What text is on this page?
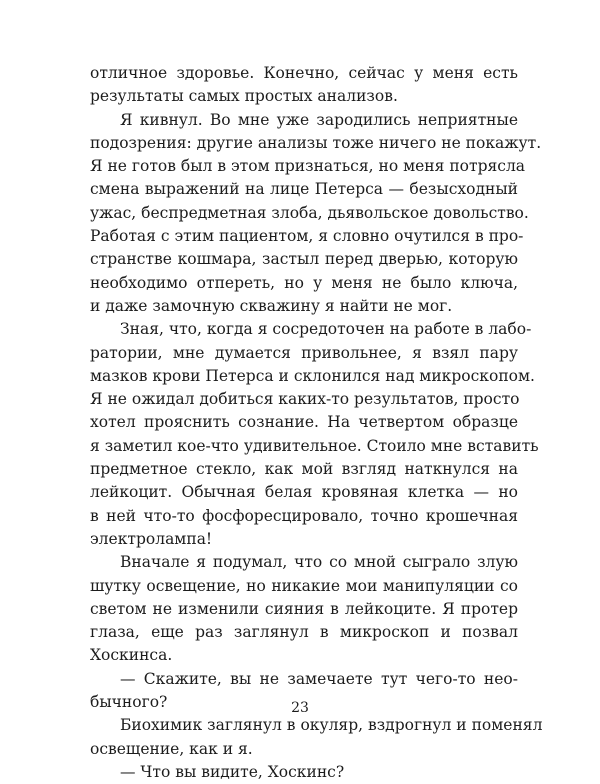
отличное здоровье. Конечно, сейчас у меня есть
результаты самых простых анализов.

Я кивнул. Во мне уже зародились неприятные
подозрения: другие анализы тоже ничего не покажут.
Я не готов был в этом признаться, но меня потрясла
смена выражений на лице Петерса — безысходный
ужас, беспредметная злоба, дьявольское довольство.
Работая с этим пациентом, я словно очутился в про-
странстве кошмара, застыл перед дверью, которую
необходимо отпереть, но у меня не было ключа,
и даже замочную скважину я найти не мог.

Зная, что, когда я сосредоточен на работе в лабо-
ратории, мне думается привольнее, я взял пару
мазков крови Петерса и склонился над микроскопом.
Я не ожидал добиться каких-то результатов, просто
хотел прояснить сознание. На четвертом образце
я заметил кое-что удивительное. Стоило мне вставить
предметное стекло, как мой взгляд наткнулся на
лейкоцит. Обычная белая кровяная клетка — но
в ней что-то фосфоресцировало, точно крошечная
электролампа!

Вначале я подумал, что со мной сыграло злую
шутку освещение, но никакие мои манипуляции со
светом не изменили сияния в лейкоците. Я протер
глаза, еще раз заглянул в микроскоп и позвал
Хоскинса.

— Скажите, вы не замечаете тут чего-то нео-
бычного?

Биохимик заглянул в окуляр, вздрогнул и поменял
освещение, как и я.

— Что вы видите, Хоскинс?

23
